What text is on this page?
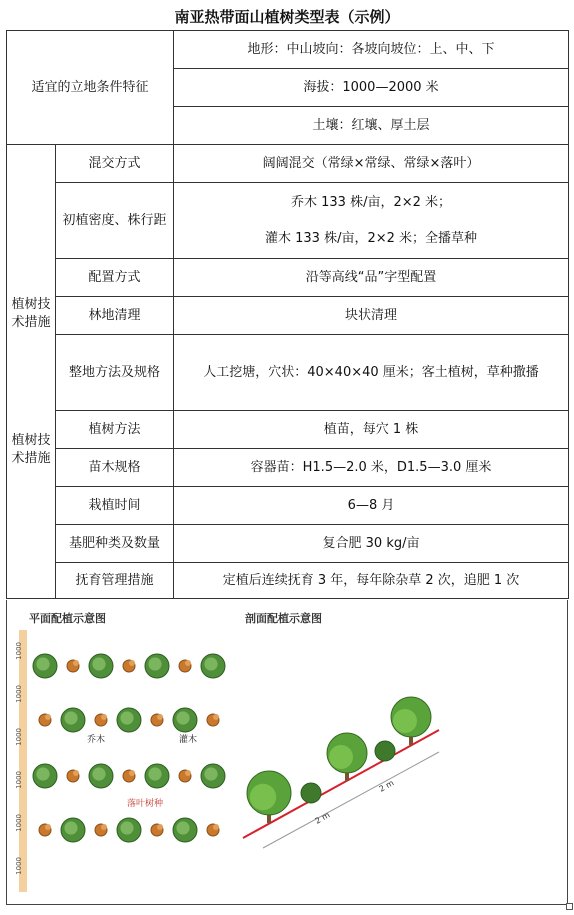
南亚热带面山植树类型表（示例）
适宜的立地条件特征		地形：中山坡向：各坡向坡位：上、中、下
		海拔：1000—2000 米
		土壤：红壤、厚土层

植树技术措施
植树技术措施	混交方式	阔阔混交（常绿×常绿、常绿×落叶）
	初植密度、株行距	乔木 133 株/亩，2×2 米；
灌木 133 株/亩，2×2 米；全播草种

	配置方式	沿等高线“品”字型配置
	林地清理	块状清理
	整地方法及规格	人工挖塘，穴状：40×40×40 厘米；客土植树，草种撒播
	植树方法	植苗，每穴 1 株
	苗木规格	容器苗：H1.5—2.0 米，D1.5—3.0 厘米
	栽植时间	6—8 月
	基肥种类及数量	复合肥 30 kg/亩
	抚育管理措施	定植后连续抚育 3 年，每年除杂草 2 次，追肥 1 次
平面配植示意图	剖面配植示意图
1000
1000
1000
1000
1000
1000
乔木	灌木
落叶树种
2 m
2 m
